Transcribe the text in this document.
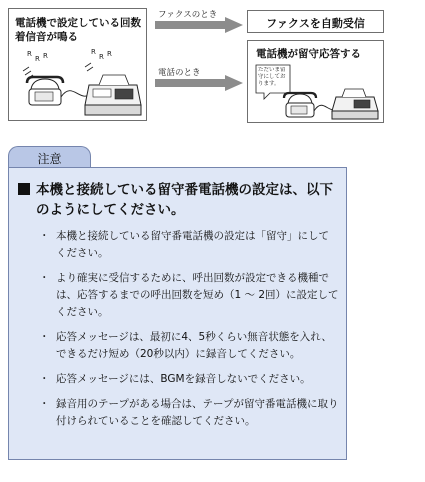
電話機で設定している回数着信音が鳴る
R
R R	R
R R
ファクスのとき
電話のとき
ファクスを自動受信
電話機が留守応答する
ただいま留守にしております。
注意
本機と接続している留守番電話機の設定は、以下のようにしてください。
・ 本機と接続している留守番電話機の設定は「留守」にしてください。
・ より確実に受信するために、呼出回数が設定できる機種では、応答するまでの呼出回数を短め（1 〜 2回）に設定してください。
・ 応答メッセージは、最初に4、5秒くらい無音状態を入れ、できるだけ短め（20秒以内）に録音してください。
・ 応答メッセージには、BGMを録音しないでください。
・ 録音用のテープがある場合は、テープが留守番電話機に取り付けられていることを確認してください。
